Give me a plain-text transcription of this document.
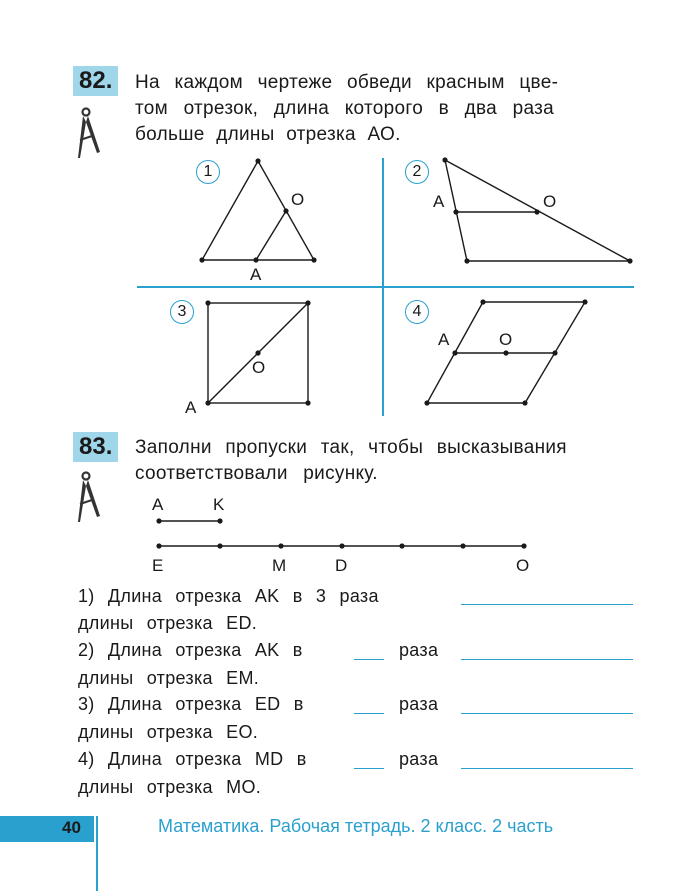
82.	На каждом чертеже обведи красным цве-
том отрезок, длина которого в два раза
больше длины отрезка АО.
1
O
A
2
A	O
3
O
A
4
A	O
83.	Заполни пропуски так, чтобы высказывания
соответствовали рисунку.
A	K
E	M	D	O
1) Длина отрезка AK в 3 раза
длины отрезка ED.
2) Длина отрезка AK в	раза
длины отрезка EM.
3) Длина отрезка ED в	раза
длины отрезка EO.
4) Длина отрезка MD в	раза
длины отрезка MO.
40	Математика. Рабочая тетрадь. 2 класс. 2 часть
